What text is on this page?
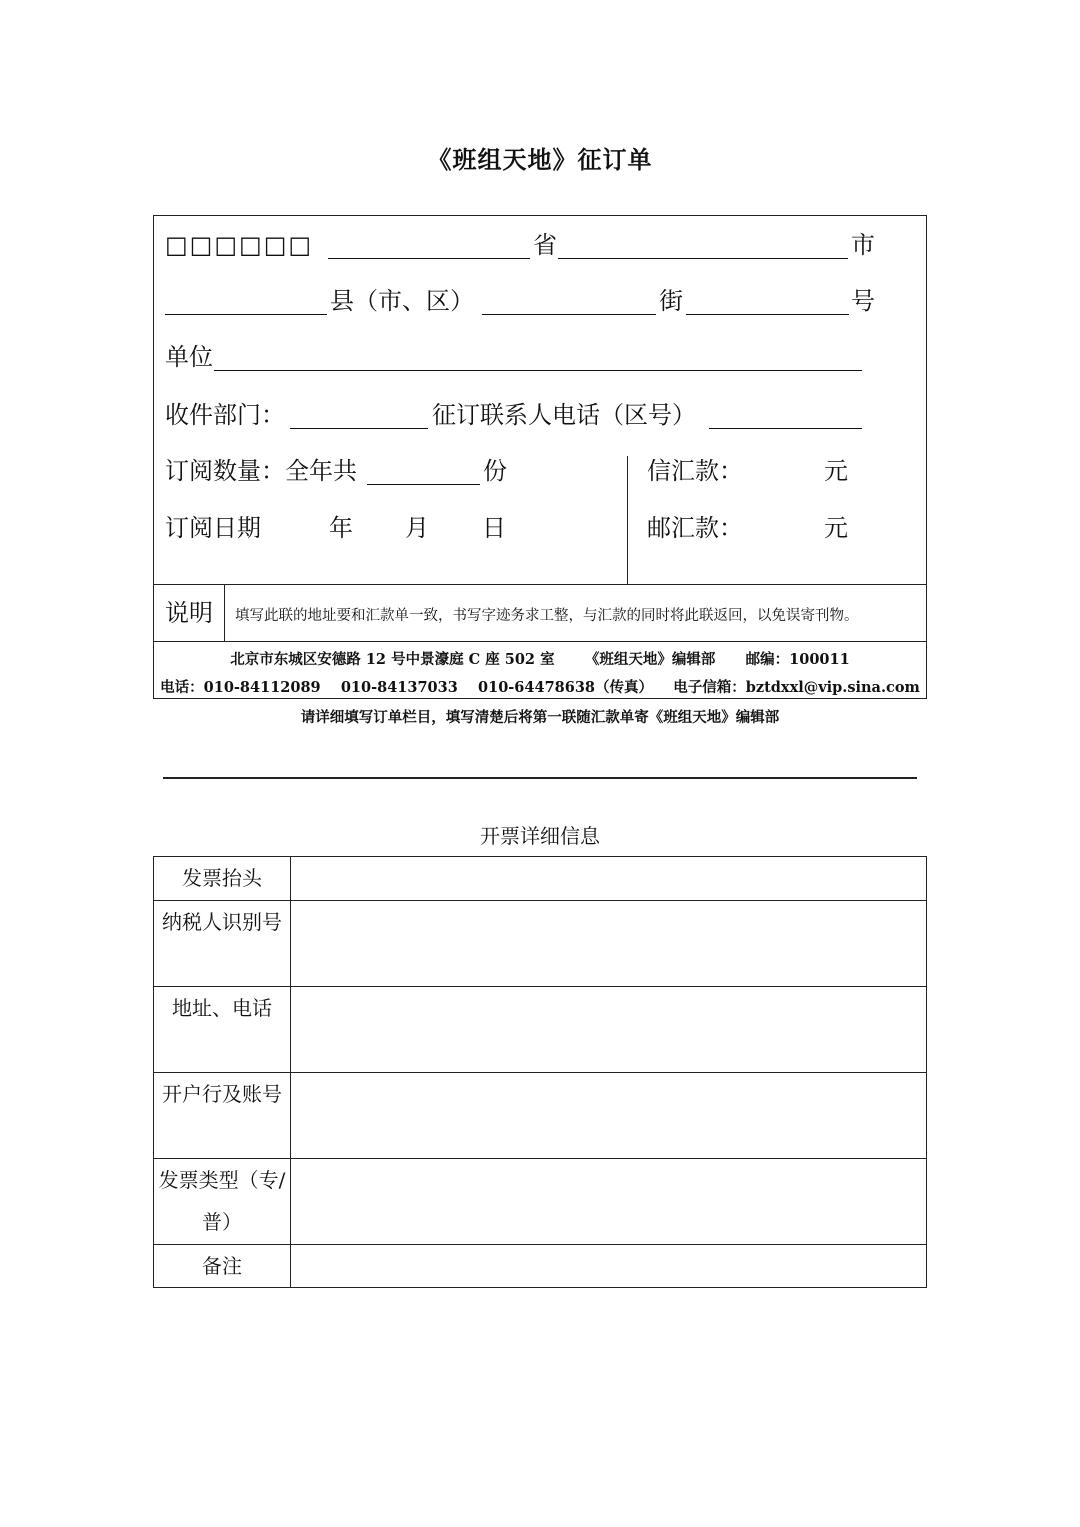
《班组天地》征订单
□□□□□□	省	市
县（市、区）	街	号
单位
收件部门：	征订联系人电话（区号）
订阅数量：全年共	份	信汇款：	元
订阅日期	年 月 日	邮汇款：	元
说明 填写此联的地址要和汇款单一致，书写字迹务求工整，与汇款的同时将此联返回，以免误寄刊物。
北京市东城区安德路 12 号中景濠庭 C 座 502 室      《班组天地》编辑部      邮编：100011
电话：010-84112089    010-84137033    010-64478638（传真）    电子信箱：bztdxxl@vip.sina.com
请详细填写订单栏目，填写清楚后将第一联随汇款单寄《班组天地》编辑部
开票详细信息
发票抬头	
纳税人识别号	
地址、电话	
开户行及账号	
发票类型（专/普）	
备注	
